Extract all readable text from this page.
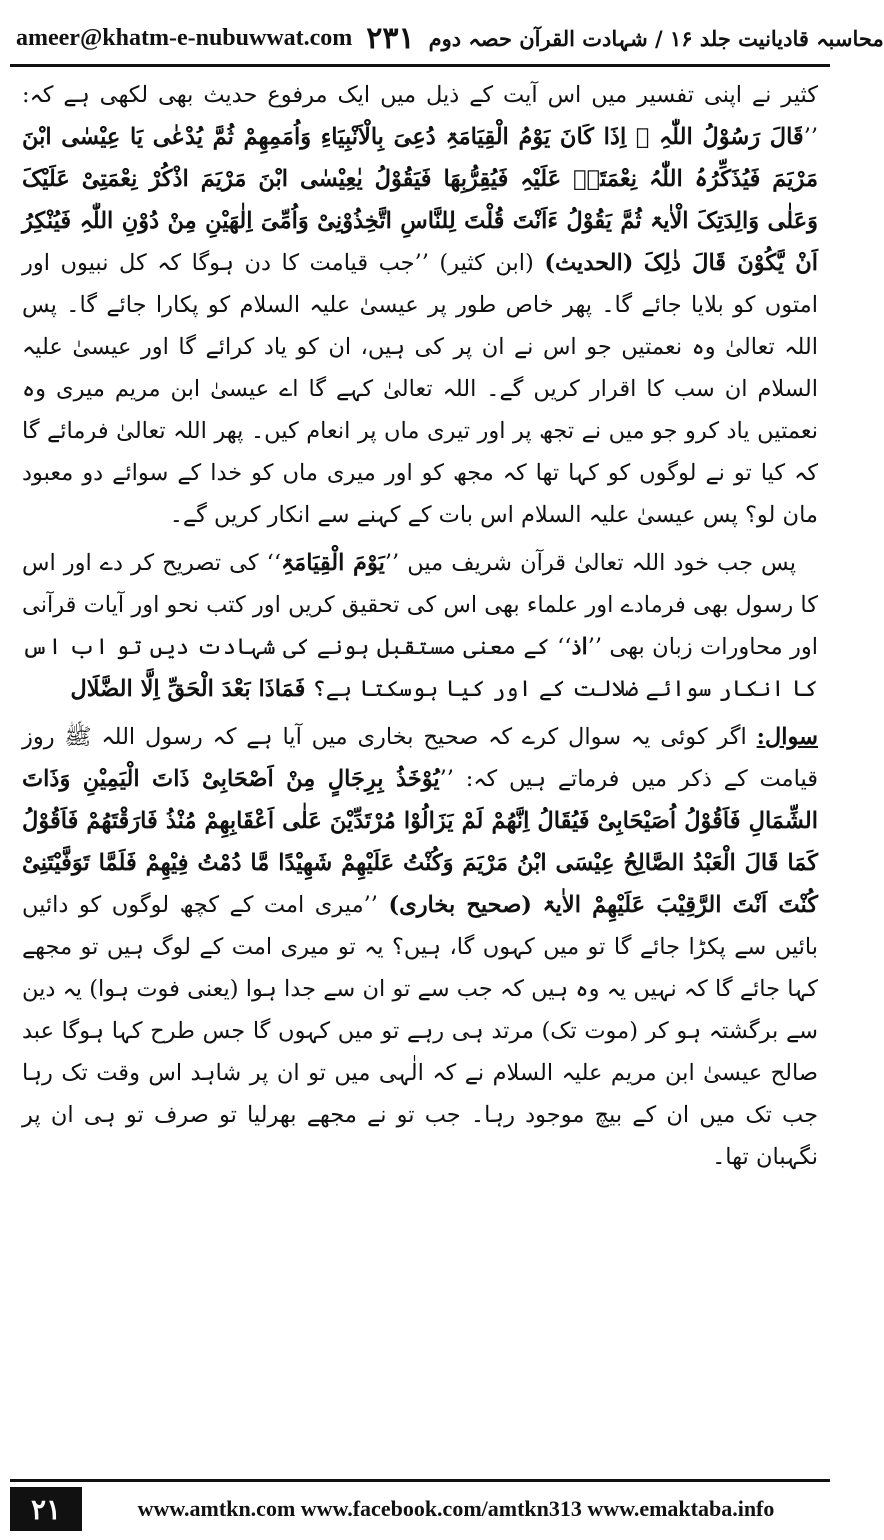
ameer@khatm-e-nubuwwat.com ۲۳۱ محاسبہ قادیانیت جلد ۱۶ / شہادت القرآن حصہ دوم

کثیر نے اپنی تفسیر میں اس آیت کے ذیل میں ایک مرفوع حدیث بھی لکھی ہے کہ: ’’قَالَ رَسُوْلُ اللّٰہِ ﷺ اِذَا کَانَ یَوْمُ الْقِیَامَۃِ دُعِیَ بِالْاَنْبِیَاءِ وَاُمَمِھِمْ ثُمَّ یُدْعٰی یَا عِیْسٰی ابْنَ مَرْیَمَ فَیُذَکِّرُہُ اللّٰہُ نِعْمَتَہٗ عَلَیْہِ فَیُقِرُّبِھَا فَیَقُوْلُ یٰعِیْسٰی ابْنَ مَرْیَمَ اذْکُرْ نِعْمَتِیْ عَلَیْکَ وَعَلٰی وَالِدَتِکَ الْاٰیۃ ثُمَّ یَقُوْلُ ءَاَنْتَ قُلْتَ لِلنَّاسِ اتَّخِذُوْنِیْ وَاُمِّیَ اِلٰھَیْنِ مِنْ دُوْنِ اللّٰہِ فَیُنْکِرُ اَنْ یَّکُوْنَ قَالَ ذٰلِکَ (الحدیث) (ابن کثیر) ’’جب قیامت کا دن ہوگا کہ کل نبیوں اور امتوں کو بلایا جائے گا۔ پھر خاص طور پر عیسیٰ علیہ السلام کو پکارا جائے گا۔ پس اللہ تعالیٰ وہ نعمتیں جو اس نے ان پر کی ہیں، ان کو یاد کرائے گا اور عیسیٰ علیہ السلام ان سب کا اقرار کریں گے۔ اللہ تعالیٰ کہے گا اے عیسیٰ ابن مریم میری وہ نعمتیں یاد کرو جو میں نے تجھ پر اور تیری ماں پر انعام کیں۔ پھر اللہ تعالیٰ فرمائے گا کہ کیا تو نے لوگوں کو کہا تھا کہ مجھ کو اور میری ماں کو خدا کے سوائے دو معبود مان لو؟ پس عیسیٰ علیہ السلام اس بات کے کہنے سے انکار کریں گے۔

پس جب خود اللہ تعالیٰ قرآن شریف میں ’’یَوْمَ الْقِیَامَۃِ‘‘ کی تصریح کر دے اور اس کا رسول بھی فرمادے اور علماء بھی اس کی تحقیق کریں اور کتب نحو اور آیات قرآنی اور محاورات زبان بھی ’’اذ‘‘ کے معنی مستقبل ہونے کی شہادت دیں تو اب اس کا انکار سوائے ضلالت کے اور کیا ہوسکتا ہے؟ فَمَاذَا بَعْدَ الْحَقِّ اِلَّا الضَّلَال

سوال: اگر کوئی یہ سوال کرے کہ صحیح بخاری میں آیا ہے کہ رسول اللہ ﷺ روز قیامت کے ذکر میں فرماتے ہیں کہ: ’’یُوْخَذُ بِرِجَالٍ مِنْ اَصْحَابِیْ ذَاتَ الْیَمِیْنِ وَذَاتَ الشِّمَالِ فَاَقُوْلُ اُصَیْحَابِیْ فَیُقَالُ اِنَّھُمْ لَمْ یَزَالُوْا مُرْتَدِّیْنَ عَلٰی اَعْقَابِھِمْ مُنْذُ فَارَقْتَھُمْ فَاَقُوْلُ کَمَا قَالَ الْعَبْدُ الصَّالِحُ عِیْسَی ابْنُ مَرْیَمَ وَکُنْتُ عَلَیْھِمْ شَھِیْدًا مَّا دُمْتُ فِیْھِمْ فَلَمَّا تَوَفَّیْتَنِیْ کُنْتَ اَنْتَ الرَّقِیْبَ عَلَیْھِمْ الاٰیۃ (صحیح بخاری) ’’میری امت کے کچھ لوگوں کو دائیں بائیں سے پکڑا جائے گا تو میں کہوں گا، ہیں؟ یہ تو میری امت کے لوگ ہیں تو مجھے کہا جائے گا کہ نہیں یہ وہ ہیں کہ جب سے تو ان سے جدا ہوا (یعنی فوت ہوا) یہ دین سے برگشتہ ہو کر (موت تک) مرتد ہی رہے تو میں کہوں گا جس طرح کہا ہوگا عبد صالح عیسیٰ ابن مریم علیہ السلام نے کہ الٰہی میں تو ان پر شاہد اس وقت تک رہا جب تک میں ان کے بیچ موجود رہا۔ جب تو نے مجھے بھرلیا تو صرف تو ہی ان پر نگہبان تھا۔

۲۱	www.amtkn.com www.facebook.com/amtkn313 www.emaktaba.info
